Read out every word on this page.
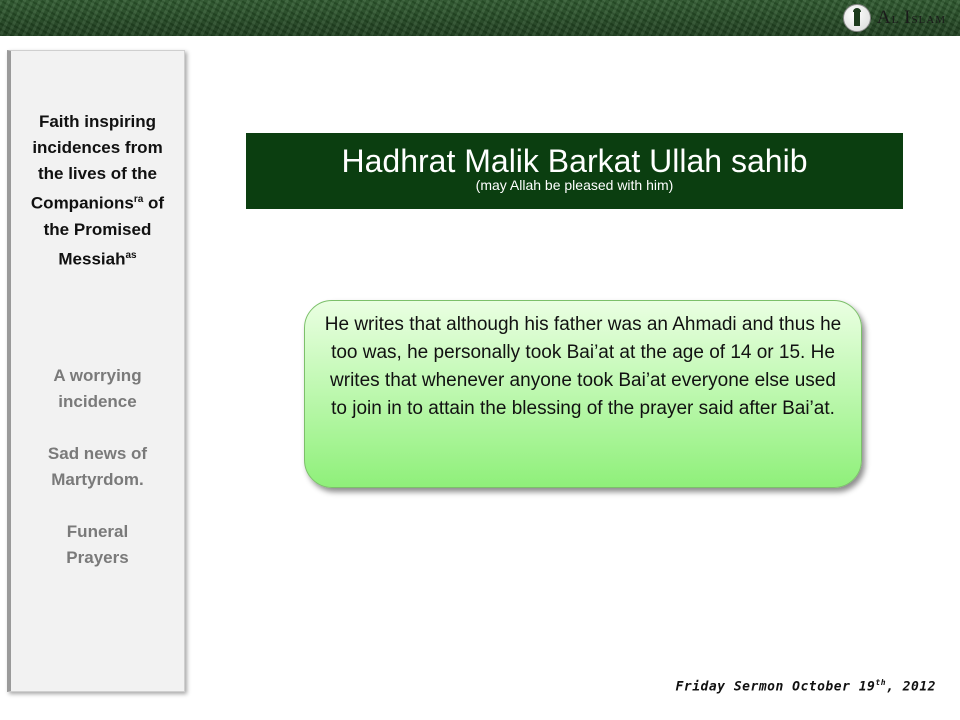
Al Islam
Faith inspiring incidences from the lives of the Companions$^{ra}$ of the Promised Messiah$^{as}$
A worrying incidence
Sad news of Martyrdom.
Funeral Prayers
Hadhrat Malik Barkat Ullah sahib
(may Allah be pleased with him)
He writes that although his father was an Ahmadi and thus he too was, he personally took Bai’at at the age of 14 or 15. He writes that whenever anyone took Bai’at everyone else used to join in to attain the blessing of the prayer said after Bai’at.
Friday Sermon October 19th, 2012
